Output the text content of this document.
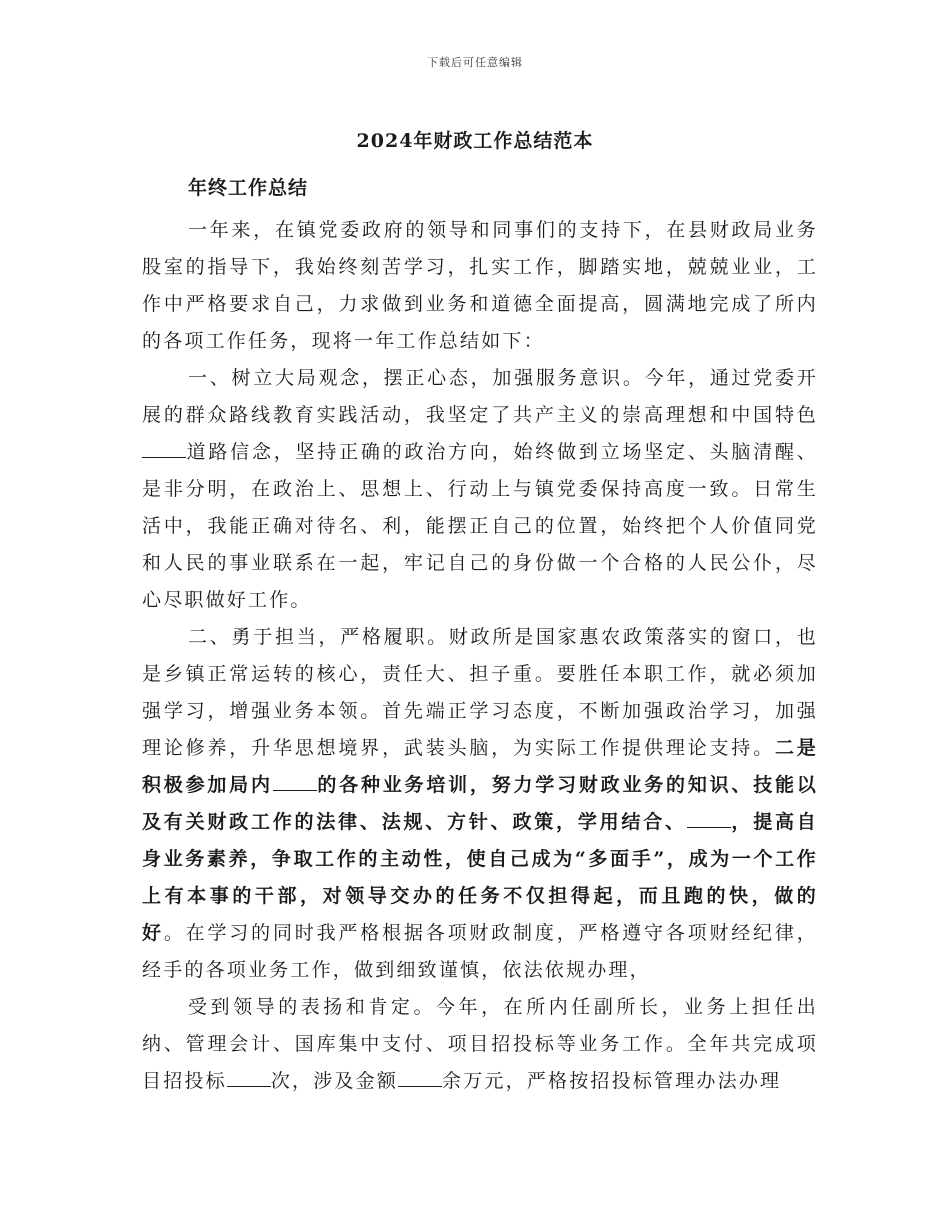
下载后可任意编辑
2024年财政工作总结范本
年终工作总结

一年来，在镇党委政府的领导和同事们的支持下，在县财政局业务股室的指导下，我始终刻苦学习，扎实工作，脚踏实地，兢兢业业，工作中严格要求自己，力求做到业务和道德全面提高，圆满地完成了所内的各项工作任务，现将一年工作总结如下：

一、树立大局观念，摆正心态，加强服务意识。今年，通过党委开展的群众路线教育实践活动，我坚定了共产主义的崇高理想和中国特色道路信念，坚持正确的政治方向，始终做到立场坚定、头脑清醒、是非分明，在政治上、思想上、行动上与镇党委保持高度一致。日常生活中，我能正确对待名、利，能摆正自己的位置，始终把个人价值同党和人民的事业联系在一起，牢记自己的身份做一个合格的人民公仆，尽心尽职做好工作。

二、勇于担当，严格履职。财政所是国家惠农政策落实的窗口，也是乡镇正常运转的核心，责任大、担子重。要胜任本职工作，就必须加强学习，增强业务本领。首先端正学习态度，不断加强政治学习，加强理论修养，升华思想境界，武装头脑，为实际工作提供理论支持。二是积极参加局内 的各种业务培训，努力学习财政业务的知识、技能以及有关财政工作的法律、法规、方针、政策，学用结合、 ，提高自身业务素养，争取工作的主动性，使自己成为“多面手”，成为一个工作上有本事的干部，对领导交办的任务不仅担得起，而且跑的快，做的好。在学习的同时我严格根据各项财政制度，严格遵守各项财经纪律，经手的各项业务工作，做到细致谨慎，依法依规办理，

受到领导的表扬和肯定。今年，在所内任副所长，业务上担任出纳、管理会计、国库集中支付、项目招投标等业务工作。全年共完成项目招投标 次，涉及金额 余万元，严格按招投标管理办法办理
